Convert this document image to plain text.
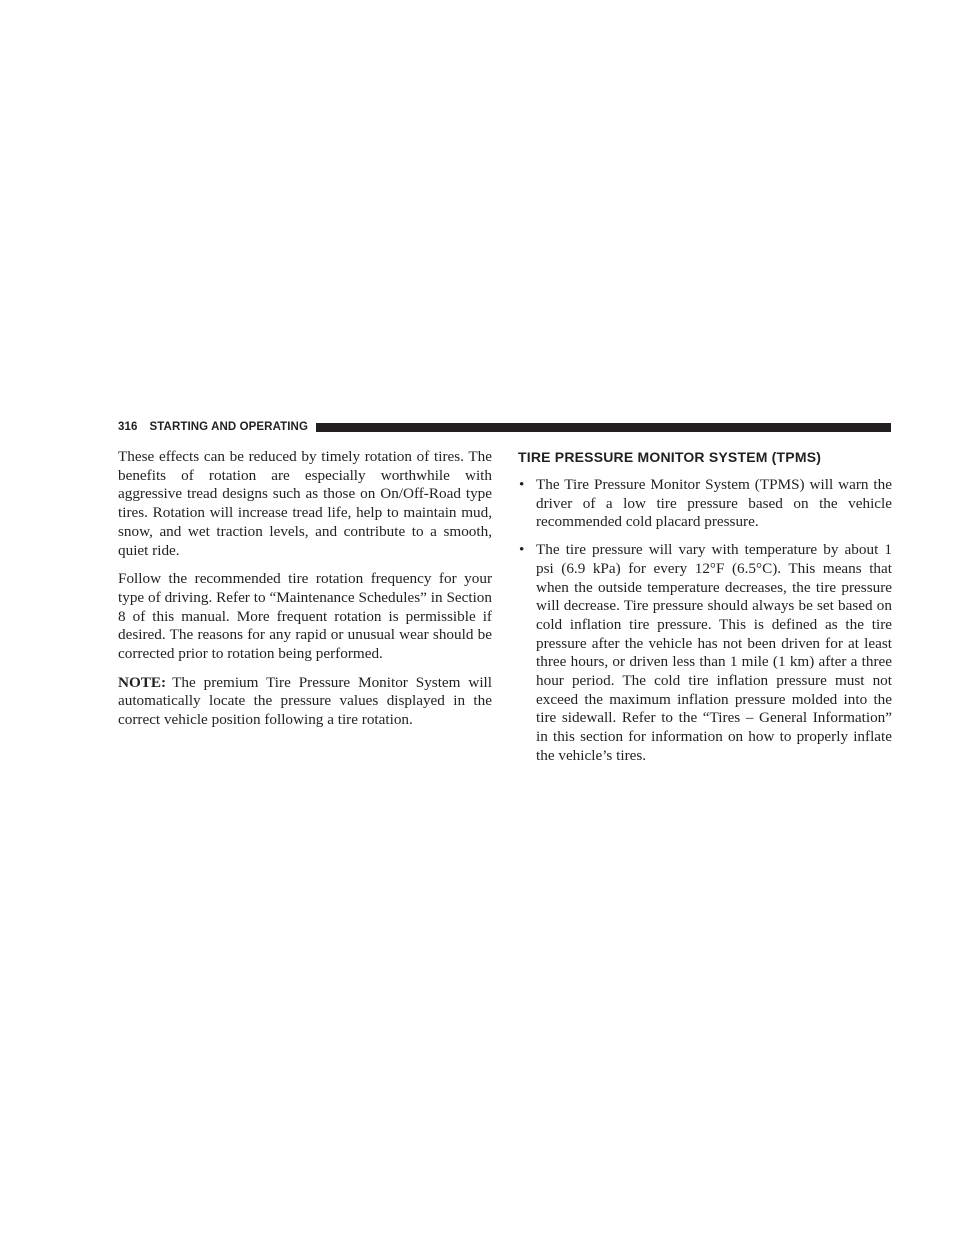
316 STARTING AND OPERATING

These effects can be reduced by timely rotation of tires. The benefits of rotation are especially worthwhile with aggressive tread designs such as those on On/Off-Road type tires. Rotation will increase tread life, help to maintain mud, snow, and wet traction levels, and contribute to a smooth, quiet ride.

Follow the recommended tire rotation frequency for your type of driving. Refer to “Maintenance Schedules” in Section 8 of this manual. More frequent rotation is permissible if desired. The reasons for any rapid or unusual wear should be corrected prior to rotation being performed.

NOTE: The premium Tire Pressure Monitor System will automatically locate the pressure values displayed in the correct vehicle position following a tire rotation.

TIRE PRESSURE MONITOR SYSTEM (TPMS)
• The Tire Pressure Monitor System (TPMS) will warn the driver of a low tire pressure based on the vehicle recommended cold placard pressure.
• The tire pressure will vary with temperature by about 1 psi (6.9 kPa) for every 12°F (6.5°C). This means that when the outside temperature decreases, the tire pressure will decrease. Tire pressure should always be set based on cold inflation tire pressure. This is defined as the tire pressure after the vehicle has not been driven for at least three hours, or driven less than 1 mile (1 km) after a three hour period. The cold tire inflation pressure must not exceed the maximum inflation pressure molded into the tire sidewall. Refer to the “Tires – General Information” in this section for information on how to properly inflate the vehicle’s tires.
